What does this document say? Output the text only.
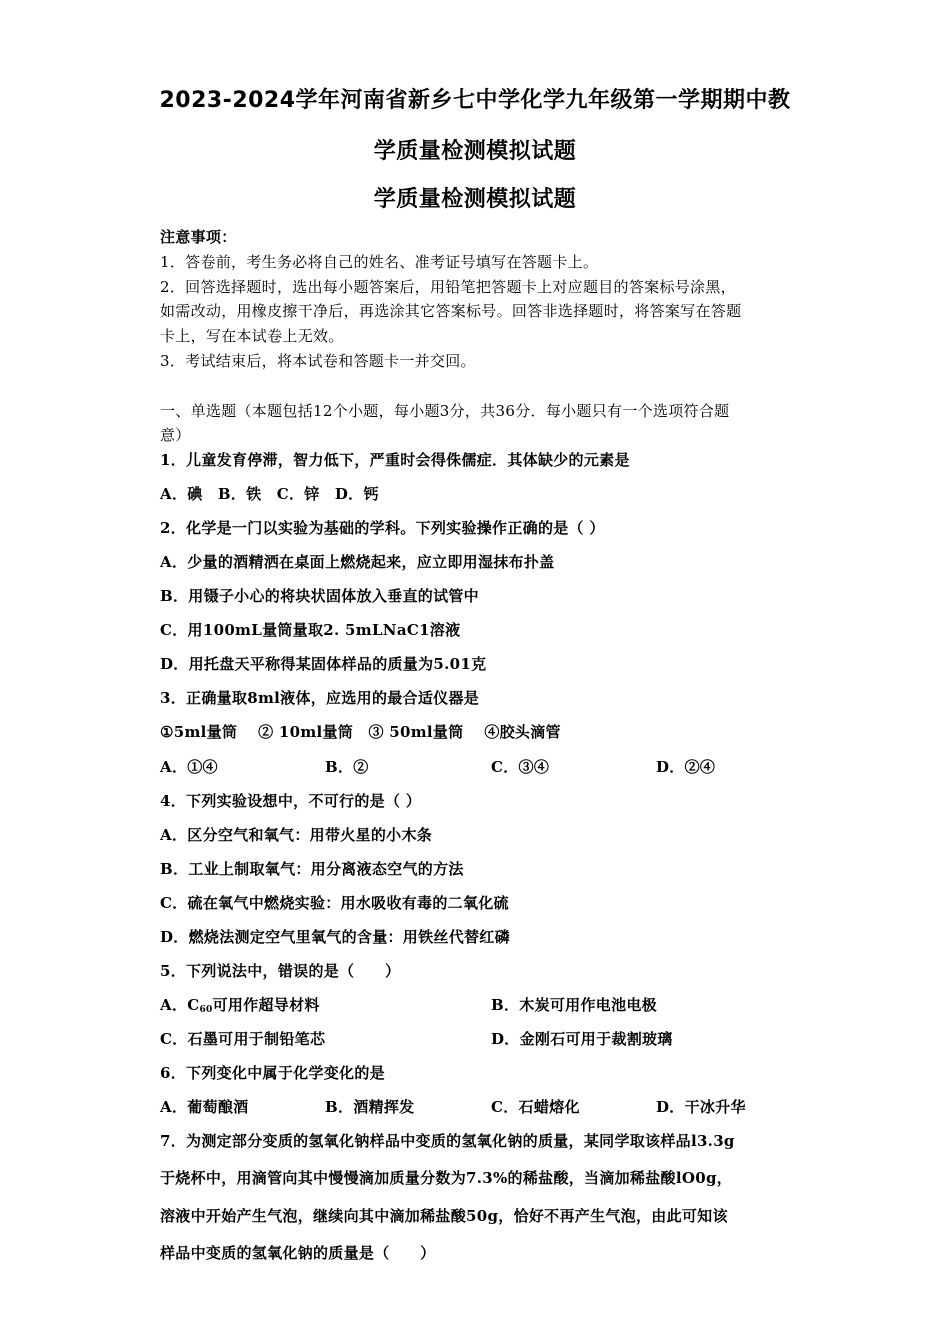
2023-2024学年河南省新乡七中学化学九年级第一学期期中教
学质量检测模拟试题
学质量检测模拟试题
注意事项：
1．答卷前，考生务必将自己的姓名、准考证号填写在答题卡上。
2．回答选择题时，选出每小题答案后，用铅笔把答题卡上对应题目的答案标号涂黑，
如需改动，用橡皮擦干净后，再选涂其它答案标号。回答非选择题时，将答案写在答题
卡上，写在本试卷上无效。
3．考试结束后，将本试卷和答题卡一并交回。
一、单选题（本题包括12个小题，每小题3分，共36分．每小题只有一个选项符合题
意）
1．儿童发育停滞，智力低下，严重时会得侏儒症．其体缺少的元素是
A．碘　B．铁　C．锌　D．钙
2．化学是一门以实验为基础的学科。下列实验操作正确的是（ ）
A．少量的酒精洒在桌面上燃烧起来，应立即用湿抹布扑盖
B．用镊子小心的将块状固体放入垂直的试管中
C．用100mL量筒量取2. 5mLNaC1溶液
D．用托盘天平称得某固体样品的质量为5.01克
3．正确量取8ml液体，应选用的最合适仪器是
①5ml量筒　 ② 10ml量筒　③ 50ml量筒　 ④胶头滴管
A．①④	B．②	C．③④	D．②④
4．下列实验设想中，不可行的是（ ）
A．区分空气和氧气：用带火星的小木条
B．工业上制取氧气：用分离液态空气的方法
C．硫在氧气中燃烧实验：用水吸收有毒的二氧化硫
D．燃烧法测定空气里氧气的含量：用铁丝代替红磷
5．下列说法中，错误的是（　　）
A．$C_{60}$可用作超导材料	B．木炭可用作电池电极
C．石墨可用于制铅笔芯	D．金刚石可用于裁割玻璃
6．下列变化中属于化学变化的是
A．葡萄酿酒	B．酒精挥发	C．石蜡熔化	D．干冰升华
7．为测定部分变质的氢氧化钠样品中变质的氢氧化钠的质量，某同学取该样品l3.3g
于烧杯中，用滴管向其中慢慢滴加质量分数为7.3%的稀盐酸，当滴加稀盐酸lO0g，
溶液中开始产生气泡，继续向其中滴加稀盐酸50g，恰好不再产生气泡，由此可知该
样品中变质的氢氧化钠的质量是（　　）
